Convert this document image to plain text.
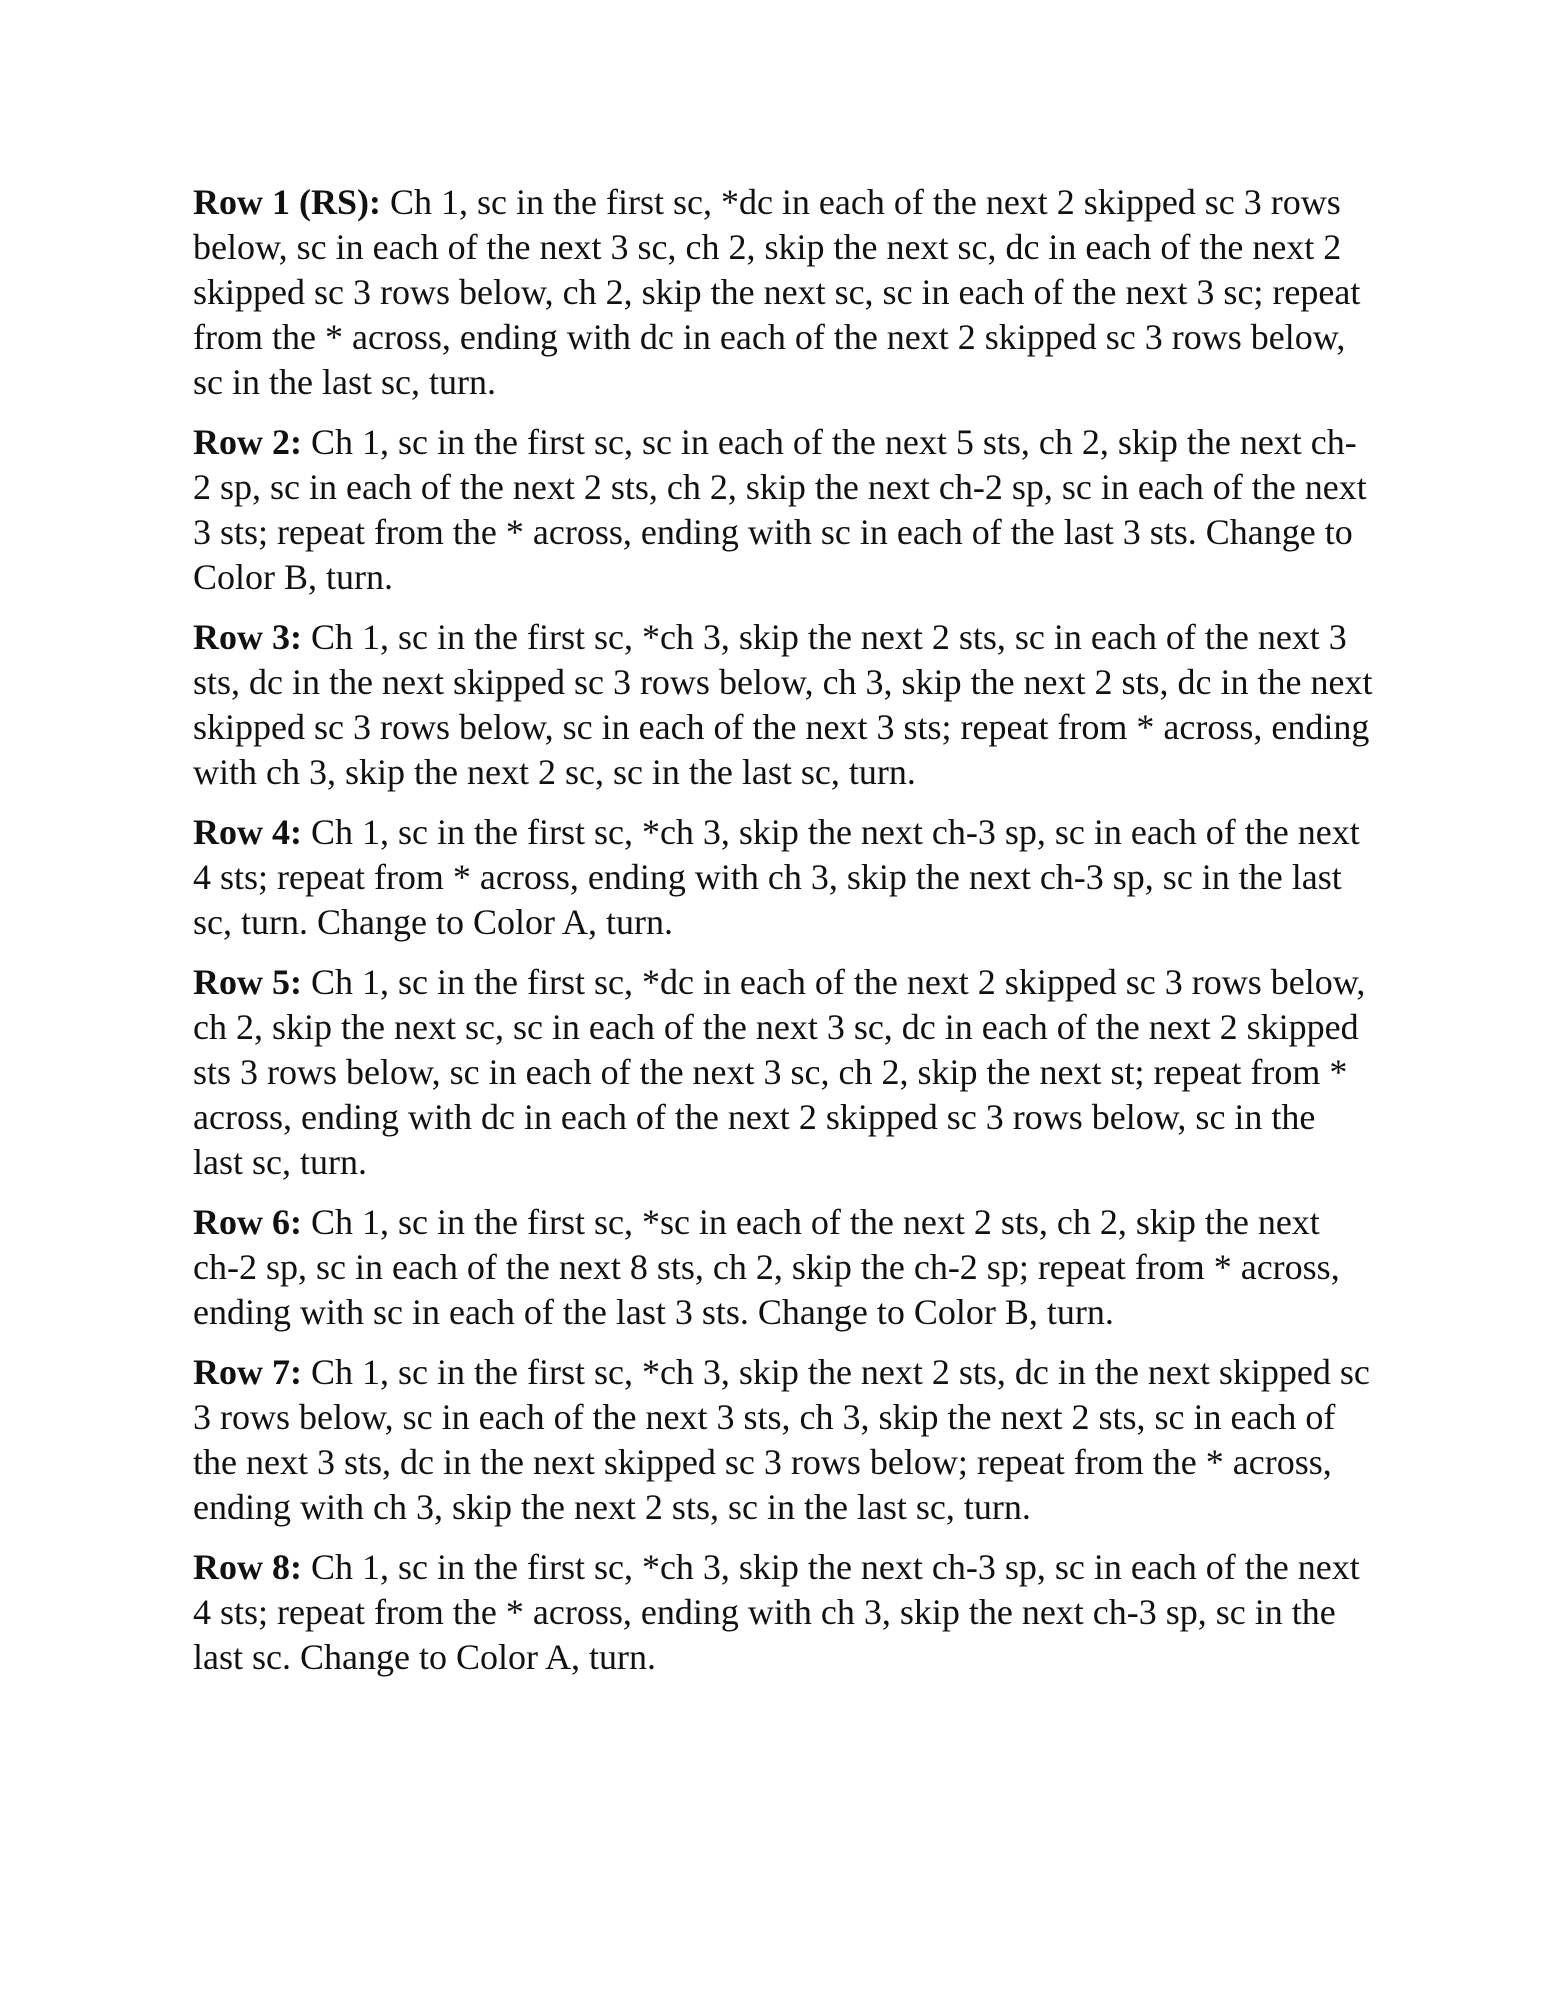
Row 1 (RS): Ch 1, sc in the first sc, *dc in each of the next 2 skipped sc 3 rows below, sc in each of the next 3 sc, ch 2, skip the next sc, dc in each of the next 2 skipped sc 3 rows below, ch 2, skip the next sc, sc in each of the next 3 sc; repeat from the * across, ending with dc in each of the next 2 skipped sc 3 rows below, sc in the last sc, turn.

Row 2: Ch 1, sc in the first sc, sc in each of the next 5 sts, ch 2, skip the next ch-2 sp, sc in each of the next 2 sts, ch 2, skip the next ch-2 sp, sc in each of the next 3 sts; repeat from the * across, ending with sc in each of the last 3 sts. Change to Color B, turn.

Row 3: Ch 1, sc in the first sc, *ch 3, skip the next 2 sts, sc in each of the next 3 sts, dc in the next skipped sc 3 rows below, ch 3, skip the next 2 sts, dc in the next skipped sc 3 rows below, sc in each of the next 3 sts; repeat from * across, ending with ch 3, skip the next 2 sc, sc in the last sc, turn.

Row 4: Ch 1, sc in the first sc, *ch 3, skip the next ch-3 sp, sc in each of the next 4 sts; repeat from * across, ending with ch 3, skip the next ch-3 sp, sc in the last sc, turn. Change to Color A, turn.

Row 5: Ch 1, sc in the first sc, *dc in each of the next 2 skipped sc 3 rows below, ch 2, skip the next sc, sc in each of the next 3 sc, dc in each of the next 2 skipped sts 3 rows below, sc in each of the next 3 sc, ch 2, skip the next st; repeat from * across, ending with dc in each of the next 2 skipped sc 3 rows below, sc in the last sc, turn.

Row 6: Ch 1, sc in the first sc, *sc in each of the next 2 sts, ch 2, skip the next ch-2 sp, sc in each of the next 8 sts, ch 2, skip the ch-2 sp; repeat from * across, ending with sc in each of the last 3 sts. Change to Color B, turn.

Row 7: Ch 1, sc in the first sc, *ch 3, skip the next 2 sts, dc in the next skipped sc 3 rows below, sc in each of the next 3 sts, ch 3, skip the next 2 sts, sc in each of the next 3 sts, dc in the next skipped sc 3 rows below; repeat from the * across, ending with ch 3, skip the next 2 sts, sc in the last sc, turn.

Row 8: Ch 1, sc in the first sc, *ch 3, skip the next ch-3 sp, sc in each of the next 4 sts; repeat from the * across, ending with ch 3, skip the next ch-3 sp, sc in the last sc. Change to Color A, turn.
